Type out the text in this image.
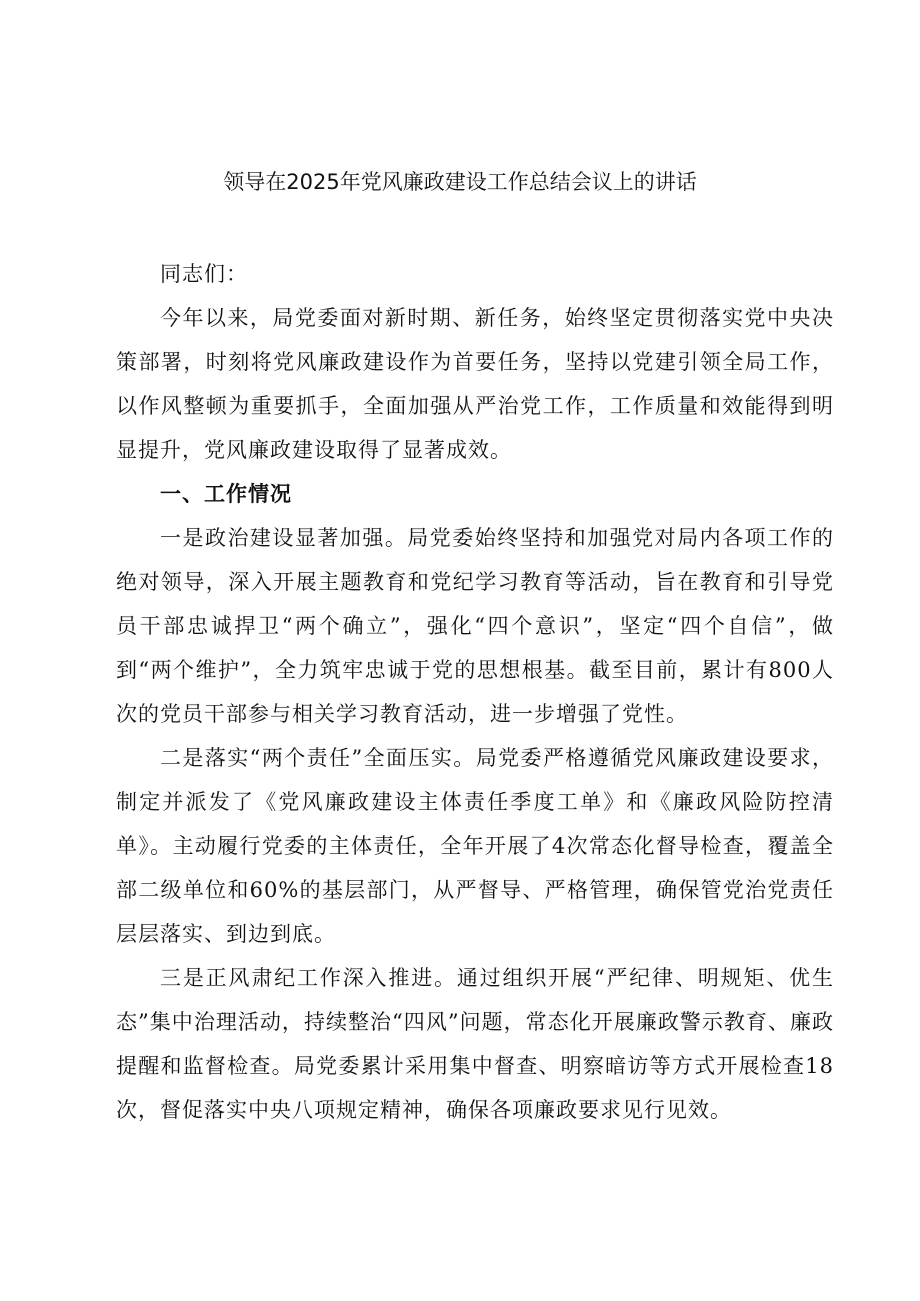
领导在2025年党风廉政建设工作总结会议上的讲话

同志们：

今年以来，局党委面对新时期、新任务，始终坚定贯彻落实党中央决策部署，时刻将党风廉政建设作为首要任务，坚持以党建引领全局工作，以作风整顿为重要抓手，全面加强从严治党工作，工作质量和效能得到明显提升，党风廉政建设取得了显著成效。

一、工作情况

一是政治建设显著加强。局党委始终坚持和加强党对局内各项工作的绝对领导，深入开展主题教育和党纪学习教育等活动，旨在教育和引导党员干部忠诚捍卫“两个确立”，强化“四个意识”，坚定“四个自信”，做到“两个维护”，全力筑牢忠诚于党的思想根基。截至目前，累计有800人次的党员干部参与相关学习教育活动，进一步增强了党性。

二是落实“两个责任”全面压实。局党委严格遵循党风廉政建设要求，制定并派发了《党风廉政建设主体责任季度工单》和《廉政风险防控清单》。主动履行党委的主体责任，全年开展了4次常态化督导检查，覆盖全部二级单位和60%的基层部门，从严督导、严格管理，确保管党治党责任层层落实、到边到底。

三是正风肃纪工作深入推进。通过组织开展“严纪律、明规矩、优生态”集中治理活动，持续整治“四风”问题，常态化开展廉政警示教育、廉政提醒和监督检查。局党委累计采用集中督查、明察暗访等方式开展检查18次，督促落实中央八项规定精神，确保各项廉政要求见行见效。
